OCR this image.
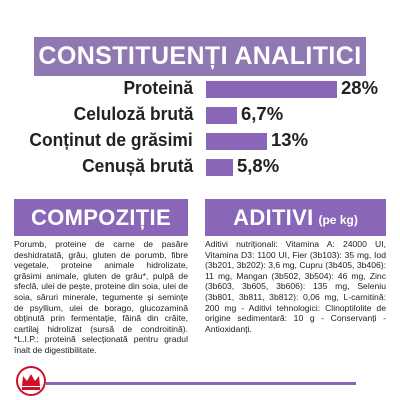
CONSTITUENȚI ANALITICI
Proteină	28%
Celuloză brută	6,7%
Conținut de grăsimi	13%
Cenușă brută 5,8%
COMPOZIȚIE	ADITIVI (pe kg)
Porumb, proteine de carne de pasăre deshidratată, grâu, gluten de porumb, fibre vegetale, proteine animale hidrolizate, grăsimi animale, gluten de grâu*, pulpă de sfeclă, ulei de pește, proteine din soia, ulei de soia, săruri minerale, tegumente și semințe de psyllium, ulei de borago, glucozamină obținută prin fermentație, făină din crăite, cartilaj hidrolizat (sursă de condroitină). *L.I.P.: proteină selecționată pentru gradul înalt de digestibilitate.
Aditivi nutriționali: Vitamina A: 24000 UI, Vitamina D3: 1100 UI, Fier (3b103): 35 mg, Iod (3b201, 3b202): 3,6 mg, Cupru (3b405, 3b406): 11 mg, Mangan (3b502, 3b504): 46 mg, Zinc (3b603, 3b605, 3b606): 135 mg, Seleniu (3b801, 3b811, 3b812): 0,06 mg, L-carnitină: 200 mg - Aditivi tehnologici: Clinoptilolite de origine sedimentară: 10 g - Conservanți - Antioxidanți.
